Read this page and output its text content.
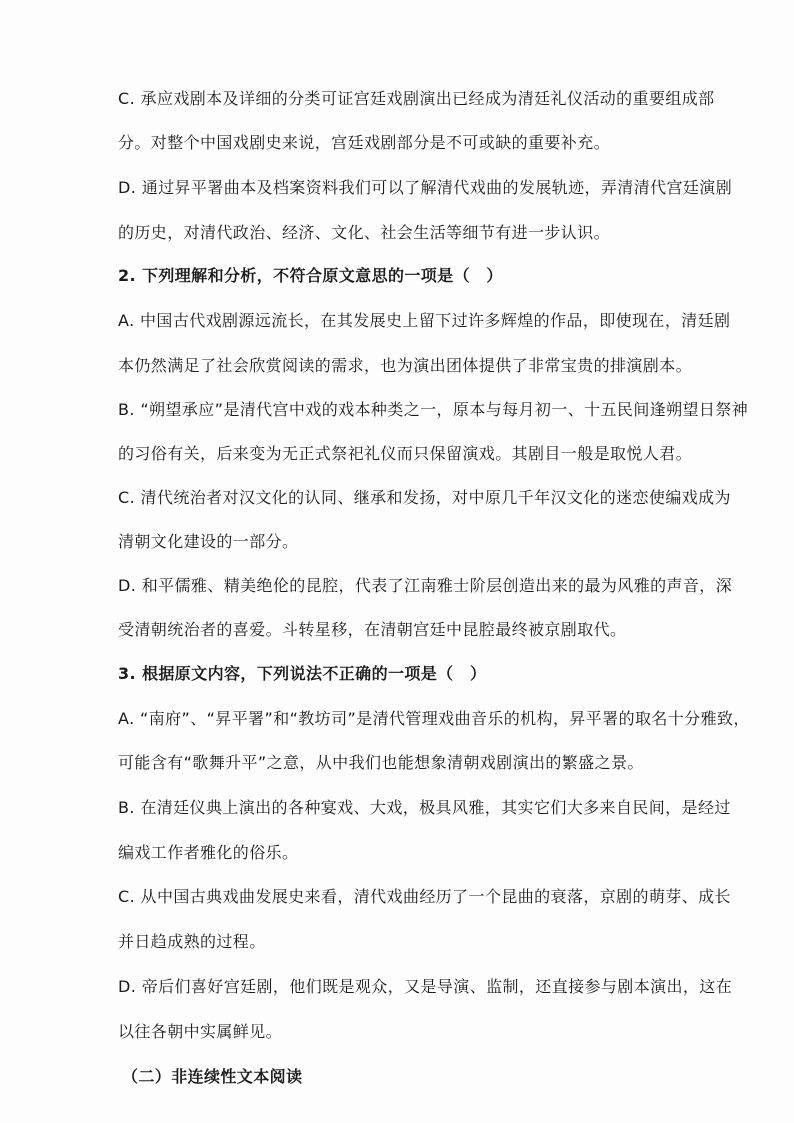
C. 承应戏剧本及详细的分类可证宫廷戏剧演出已经成为清廷礼仪活动的重要组成部
分。对整个中国戏剧史来说，宫廷戏剧部分是不可或缺的重要补充。
D. 通过昇平署曲本及档案资料我们可以了解清代戏曲的发展轨迹，弄清清代宫廷演剧
的历史，对清代政治、经济、文化、社会生活等细节有进一步认识。
2. 下列理解和分析，不符合原文意思的一项是（　）
A. 中国古代戏剧源远流长，在其发展史上留下过许多辉煌的作品，即使现在，清廷剧
本仍然满足了社会欣赏阅读的需求，也为演出团体提供了非常宝贵的排演剧本。
B. “朔望承应”是清代宫中戏的戏本种类之一，原本与每月初一、十五民间逢朔望日祭神
的习俗有关，后来变为无正式祭祀礼仪而只保留演戏。其剧目一般是取悦人君。
C. 清代统治者对汉文化的认同、继承和发扬，对中原几千年汉文化的迷恋使编戏成为
清朝文化建设的一部分。
D. 和平儒雅、精美绝伦的昆腔，代表了江南雅士阶层创造出来的最为风雅的声音，深
受清朝统治者的喜爱。斗转星移，在清朝宫廷中昆腔最终被京剧取代。
3. 根据原文内容，下列说法不正确的一项是（　）
A. “南府”、“昇平署”和“教坊司”是清代管理戏曲音乐的机构，昇平署的取名十分雅致，
可能含有“歌舞升平”之意，从中我们也能想象清朝戏剧演出的繁盛之景。
B. 在清廷仪典上演出的各种宴戏、大戏，极具风雅，其实它们大多来自民间，是经过
编戏工作者雅化的俗乐。
C. 从中国古典戏曲发展史来看，清代戏曲经历了一个昆曲的衰落，京剧的萌芽、成长
并日趋成熟的过程。
D. 帝后们喜好宫廷剧，他们既是观众，又是导演、监制，还直接参与剧本演出，这在
以往各朝中实属鲜见。
（二）非连续性文本阅读
